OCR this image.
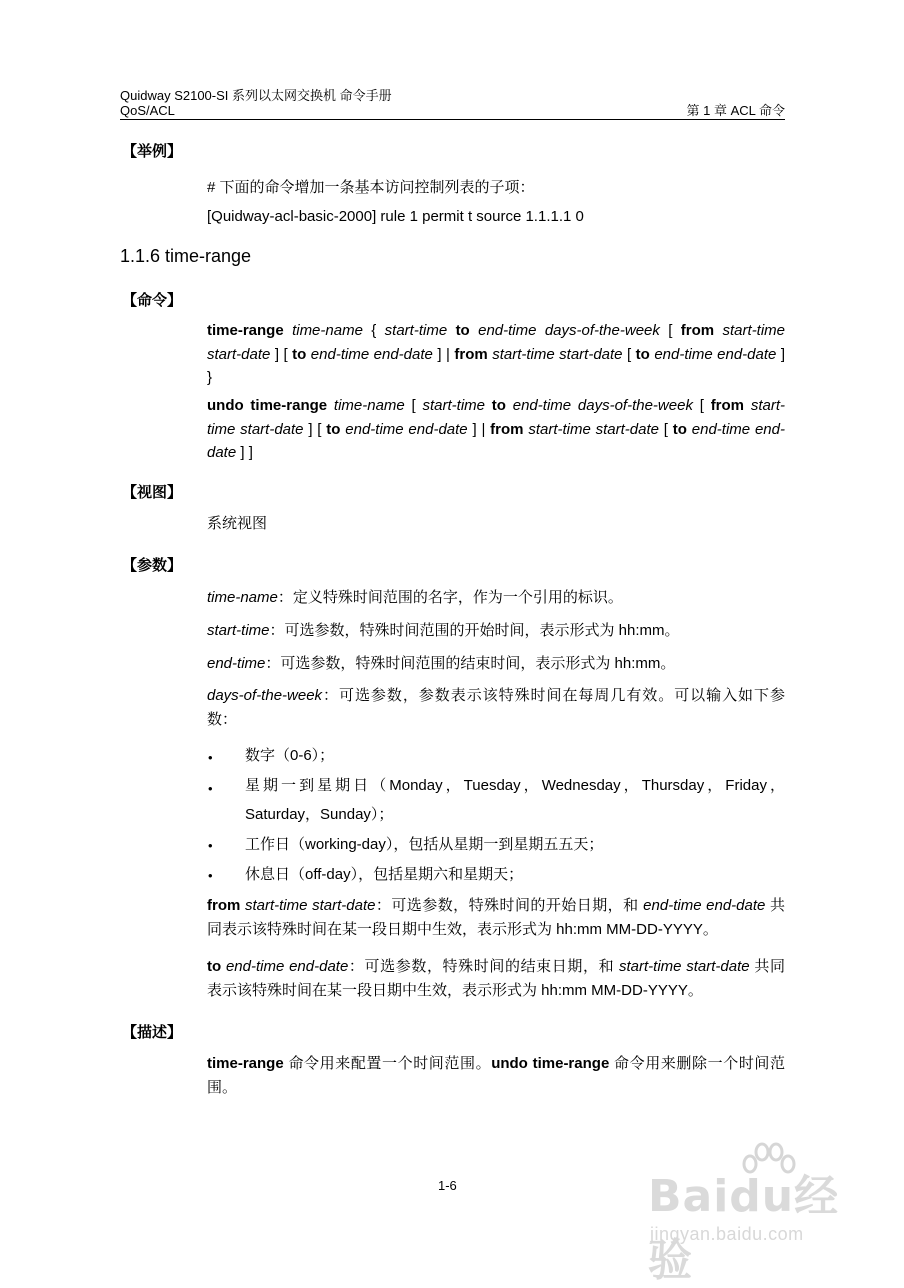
Quidway S2100-SI 系列以太网交换机 命令手册
QoS/ACL	第 1 章 ACL 命令
【举例】
# 下面的命令增加一条基本访问控制列表的子项：
[Quidway-acl-basic-2000] rule 1 permit t source 1.1.1.1 0
1.1.6 time-range
【命令】
time-range time-name { start-time to end-time days-of-the-week [ from start-time start-date ] [ to end-time end-date ] | from start-time start-date [ to end-time end-date ] }
undo time-range time-name [ start-time to end-time days-of-the-week [ from start-time start-date ] [ to end-time end-date ] | from start-time start-date [ to end-time end-date ] ]
【视图】
系统视图
【参数】
time-name：定义特殊时间范围的名字，作为一个引用的标识。
start-time：可选参数，特殊时间范围的开始时间，表示形式为 hh:mm。
end-time：可选参数，特殊时间范围的结束时间，表示形式为 hh:mm。
days-of-the-week：可选参数，参数表示该特殊时间在每周几有效。可以输入如下参数：
• 数字（0-6）；
• 星期一到星期日（Monday，Tuesday，Wednesday，Thursday，Friday，Saturday，Sunday）；
• 工作日（working-day），包括从星期一到星期五五天；
• 休息日（off-day），包括星期六和星期天；
from start-time start-date：可选参数，特殊时间的开始日期，和 end-time end-date 共同表示该特殊时间在某一段日期中生效，表示形式为 hh:mm MM-DD-YYYY。
to end-time end-date：可选参数，特殊时间的结束日期，和 start-time start-date 共同表示该特殊时间在某一段日期中生效，表示形式为 hh:mm MM-DD-YYYY。
【描述】
time-range 命令用来配置一个时间范围。undo time-range 命令用来删除一个时间范围。
1-6	Baidu经验
jingyan.baidu.com
